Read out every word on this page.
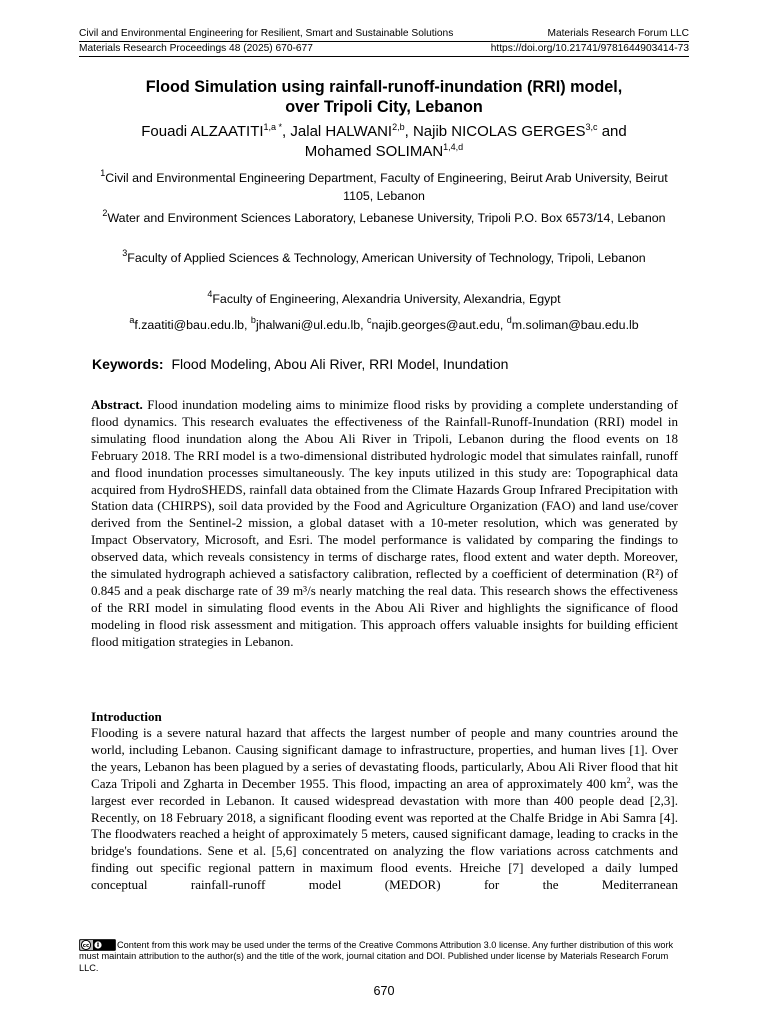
Civil and Environmental Engineering for Resilient, Smart and Sustainable Solutions	Materials Research Forum LLC
Materials Research Proceedings 48 (2025) 670-677	https://doi.org/10.21741/9781644903414-73
Flood Simulation using rainfall-runoff-inundation (RRI) model,
over Tripoli City, Lebanon
Fouadi $ALZAATITI^{1,a *}$, Jalal HALWANI$^{2,b}$, Najib NICOLAS GERGES$^{3,c}$ and
Mohamed SOLIMAN$^{1,4,d}$
$^1$Civil and Environmental Engineering Department, Faculty of Engineering, Beirut Arab University, Beirut 1105, Lebanon
$^2$Water and Environment Sciences Laboratory, Lebanese University, Tripoli P.O. Box 6573/14, Lebanon
$^3$Faculty of Applied Sciences & Technology, American University of Technology, Tripoli, Lebanon
$^4$Faculty of Engineering, Alexandria University, Alexandria, Egypt
$^a$f.zaatiti@bau.edu.lb, $^b$jhalwani@ul.edu.lb, $^c$najib.georges@aut.edu, $^d$m.soliman@bau.edu.lb
Keywords: Flood Modeling, Abou Ali River, RRI Model, Inundation
Abstract. Flood inundation modeling aims to minimize flood risks by providing a complete understanding of flood dynamics. This research evaluates the effectiveness of the Rainfall-Runoff-Inundation (RRI) model in simulating flood inundation along the Abou Ali River in Tripoli, Lebanon during the flood events on 18 February 2018. The RRI model is a two-dimensional distributed hydrologic model that simulates rainfall, runoff and flood inundation processes simultaneously. The key inputs utilized in this study are: Topographical data acquired from HydroSHEDS, rainfall data obtained from the Climate Hazards Group Infrared Precipitation with Station data (CHIRPS), soil data provided by the Food and Agriculture Organization (FAO) and land use/cover derived from the Sentinel-2 mission, a global dataset with a 10-meter resolution, which was generated by Impact Observatory, Microsoft, and Esri. The model performance is validated by comparing the findings to observed data, which reveals consistency in terms of discharge rates, flood extent and water depth. Moreover, the simulated hydrograph achieved a satisfactory calibration, reflected by a coefficient of determination (R²) of 0.845 and a peak discharge rate of 39 m³/s nearly matching the real data. This research shows the effectiveness of the RRI model in simulating flood events in the Abou Ali River and highlights the significance of flood modeling in flood risk assessment and mitigation. This approach offers valuable insights for building efficient flood mitigation strategies in Lebanon.
Introduction
Flooding is a severe natural hazard that affects the largest number of people and many countries around the world, including Lebanon. Causing significant damage to infrastructure, properties, and human lives [1]. Over the years, Lebanon has been plagued by a series of devastating floods, particularly, Abou Ali River flood that hit Caza Tripoli and Zgharta in December 1955. This flood, impacting an area of approximately 400 $km^2$, was the largest ever recorded in Lebanon. It caused widespread devastation with more than 400 people dead [2,3]. Recently, on 18 February 2018, a significant flooding event was reported at the Chalfe Bridge in Abi Samra [4]. The floodwaters reached a height of approximately 5 meters, caused significant damage, leading to cracks in the bridge's foundations. Sene et al. [5,6] concentrated on analyzing the flow variations across catchments and finding out specific regional pattern in maximum flood events. Hreiche [7] developed a daily lumped conceptual rainfall-runoff model (MEDOR) for the Mediterranean
cc	Content from this work may be used under the terms of the Creative Commons Attribution 3.0 license. Any further distribution of this work must maintain attribution to the author(s) and the title of the work, journal citation and DOI. Published under license by Materials Research Forum LLC.
670
